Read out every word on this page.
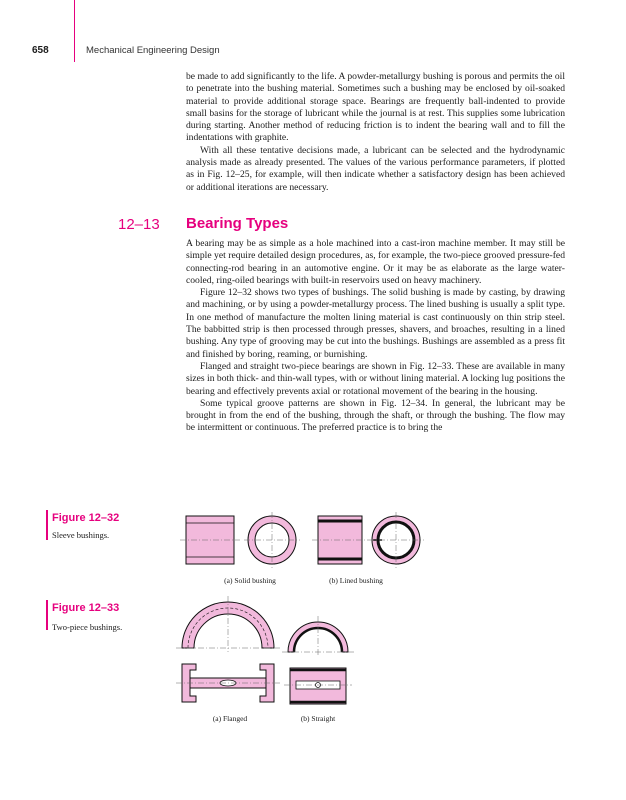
658	Mechanical Engineering Design

be made to add significantly to the life. A powder-metallurgy bushing is porous and permits the oil to penetrate into the bushing material. Sometimes such a bushing may be enclosed by oil-soaked material to provide additional storage space. Bearings are frequently ball-indented to provide small basins for the storage of lubricant while the journal is at rest. This supplies some lubrication during starting. Another method of reducing friction is to indent the bearing wall and to fill the indentations with graphite.

With all these tentative decisions made, a lubricant can be selected and the hydrodynamic analysis made as already presented. The values of the various performance parameters, if plotted as in Fig. 12–25, for example, will then indicate whether a satisfactory design has been achieved or additional iterations are necessary.

12–13 Bearing Types

A bearing may be as simple as a hole machined into a cast-iron machine member. It may still be simple yet require detailed design procedures, as, for example, the two-piece grooved pressure-fed connecting-rod bearing in an automotive engine. Or it may be as elaborate as the large water-cooled, ring-oiled bearings with built-in reservoirs used on heavy machinery.

Figure 12–32 shows two types of bushings. The solid bushing is made by casting, by drawing and machining, or by using a powder-metallurgy process. The lined bushing is usually a split type. In one method of manufacture the molten lining material is cast continuously on thin strip steel. The babbitted strip is then processed through presses, shavers, and broaches, resulting in a lined bushing. Any type of grooving may be cut into the bushings. Bushings are assembled as a press fit and finished by boring, reaming, or burnishing.

Flanged and straight two-piece bearings are shown in Fig. 12–33. These are available in many sizes in both thick- and thin-wall types, with or without lining material. A locking lug positions the bearing and effectively prevents axial or rotational movement of the bearing in the housing.

Some typical groove patterns are shown in Fig. 12–34. In general, the lubricant may be brought in from the end of the bushing, through the shaft, or through the bushing. The flow may be intermittent or continuous. The preferred practice is to bring the

Figure 12–32
Sleeve bushings.
(a) Solid bushing	(b) Lined bushing
Figure 12–33
Two-piece bushings.
(a) Flanged	(b) Straight
